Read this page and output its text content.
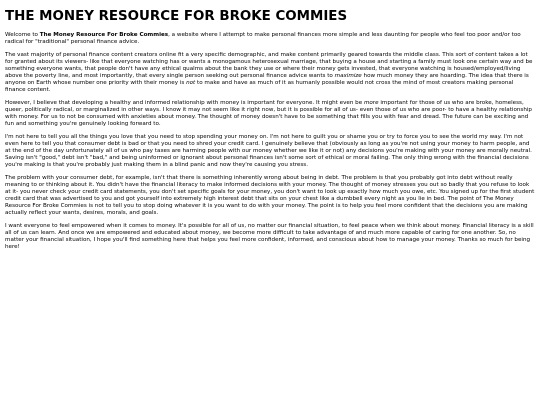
THE MONEY RESOURCE FOR BROKE COMMIES

Welcome to The Money Resource For Broke Commies, a website where I attempt to make personal finances more simple and less daunting for people who feel too poor and/or too radical for "traditional" personal finance advice.

The vast majority of personal finance content creators online fit a very specific demographic, and make content primarily geared towards the middle class. This sort of content takes a lot for granted about its viewers- like that everyone watching has or wants a monogamous heterosexual marriage, that buying a house and starting a family must look one certain way and be something everyone wants, that people don't have any ethical qualms about the bank they use or where their money gets invested, that everyone watching is housed/employed/living above the poverty line, and most importantly, that every single person seeking out personal finance advice wants to maximize how much money they are hoarding. The idea that there is anyone on Earth whose number one priority with their money is not to make and have as much of it as humanly possible would not cross the mind of most creators making personal finance content.

However, I believe that developing a healthy and informed relationship with money is important for everyone. It might even be more important for those of us who are broke, homeless, queer, politically radical, or marginalized in other ways. I know it may not seem like it right now, but it is possible for all of us- even those of us who are poor- to have a healthy relationship with money. For us to not be consumed with anxieties about money. The thought of money doesn't have to be something that fills you with fear and dread. The future can be exciting and fun and something you're genuinely looking forward to.

I'm not here to tell you all the things you love that you need to stop spending your money on. I'm not here to guilt you or shame you or try to force you to see the world my way. I'm not even here to tell you that consumer debt is bad or that you need to shred your credit card. I genuinely believe that (obviously as long as you're not using your money to harm people, and at the end of the day unfortunately all of us who pay taxes are harming people with our money whether we like it or not) any decisions you're making with your money are morally neutral. Saving isn't "good," debt isn't "bad," and being uninformed or ignorant about personal finances isn't some sort of ethical or moral failing. The only thing wrong with the financial decisions you're making is that you're probably just making them in a blind panic and now they're causing you stress.

The problem with your consumer debt, for example, isn't that there is something inherently wrong about being in debt. The problem is that you probably got into debt without really meaning to or thinking about it. You didn't have the financial literacy to make informed decisions with your money. The thought of money stresses you out so badly that you refuse to look at it- you never check your credit card statements, you don't set specific goals for your money, you don't want to look up exactly how much you owe, etc. You signed up for the first student credit card that was advertised to you and got yourself into extremely high interest debt that sits on your chest like a dumbbell every night as you lie in bed. The point of The Money Resource For Broke Commies is not to tell you to stop doing whatever it is you want to do with your money. The point is to help you feel more confident that the decisions you are making actually reflect your wants, desires, morals, and goals.

I want everyone to feel empowered when it comes to money. It's possible for all of us, no matter our financial situation, to feel peace when we think about money. Financial literacy is a skill all of us can learn. And once we are empowered and educated about money, we become more difficult to take advantage of and much more capable of caring for one another. So, no matter your financial situation, I hope you'll find something here that helps you feel more confident, informed, and conscious about how to manage your money. Thanks so much for being here!
